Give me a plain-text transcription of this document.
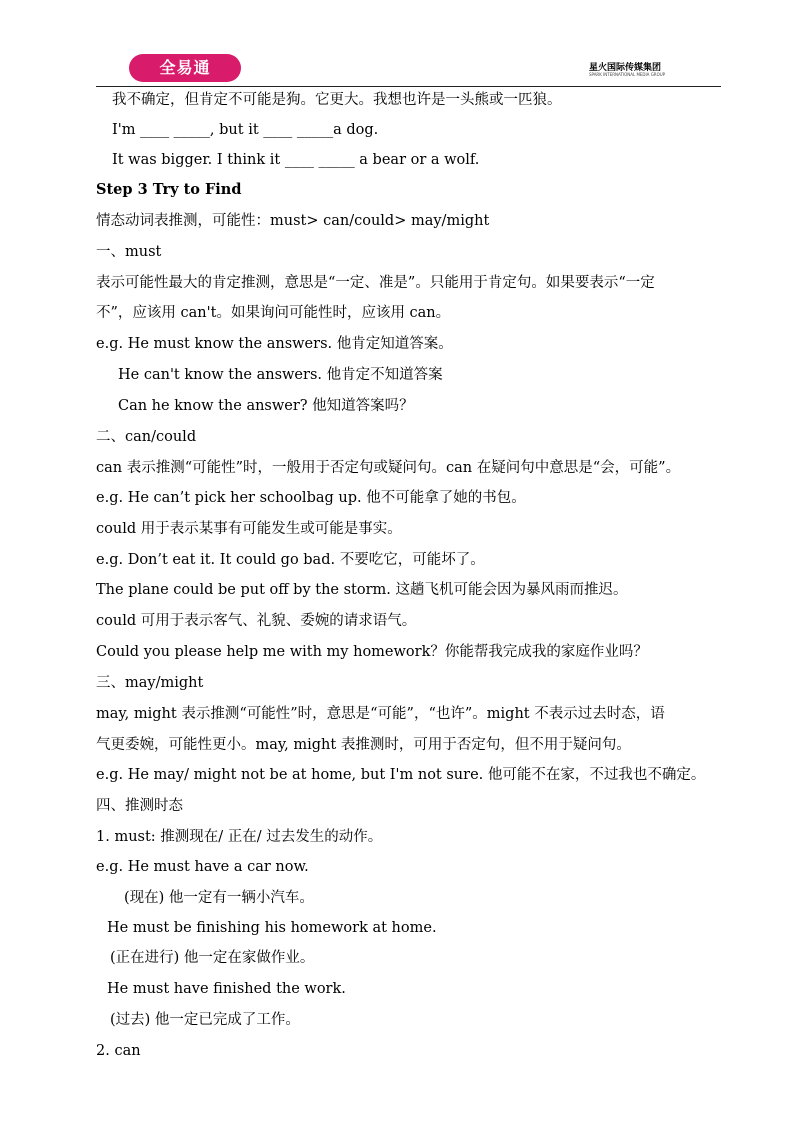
全易通	星火国际传媒集团
SPARK INTERNATIONAL MEDIA GROUP
我不确定，但肯定不可能是狗。它更大。我想也许是一头熊或一匹狼。
I'm ____ _____, but it ____ _____a dog.
It was bigger. I think it ____ _____ a bear or a wolf.
Step 3 Try to Find
情态动词表推测，可能性：must> can/could> may/might
一、must
表示可能性最大的肯定推测，意思是“一定、准是”。只能用于肯定句。如果要表示“一定
不”，应该用 can't。如果询问可能性时，应该用 can。
e.g. He must know the answers. 他肯定知道答案。
He can't know the answers. 他肯定不知道答案
Can he know the answer? 他知道答案吗？
二、can/could
can 表示推测“可能性”时，一般用于否定句或疑问句。can 在疑问句中意思是“会，可能”。
e.g. He can’t pick her schoolbag up. 他不可能拿了她的书包。
could 用于表示某事有可能发生或可能是事实。
e.g. Don’t eat it. It could go bad. 不要吃它，可能坏了。
The plane could be put off by the storm. 这趟飞机可能会因为暴风雨而推迟。
could 可用于表示客气、礼貌、委婉的请求语气。
Could you please help me with my homework？你能帮我完成我的家庭作业吗？
三、may/might
may, might 表示推测“可能性”时，意思是“可能”，“也许”。might 不表示过去时态，语
气更委婉，可能性更小。may, might 表推测时，可用于否定句，但不用于疑问句。
e.g. He may/ might not be at home, but I'm not sure. 他可能不在家，不过我也不确定。
四、推测时态
1. must: 推测现在/ 正在/ 过去发生的动作。
e.g. He must have a car now.
(现在) 他一定有一辆小汽车。
He must be finishing his homework at home.
(正在进行) 他一定在家做作业。
He must have finished the work.
(过去) 他一定已完成了工作。
2. can
